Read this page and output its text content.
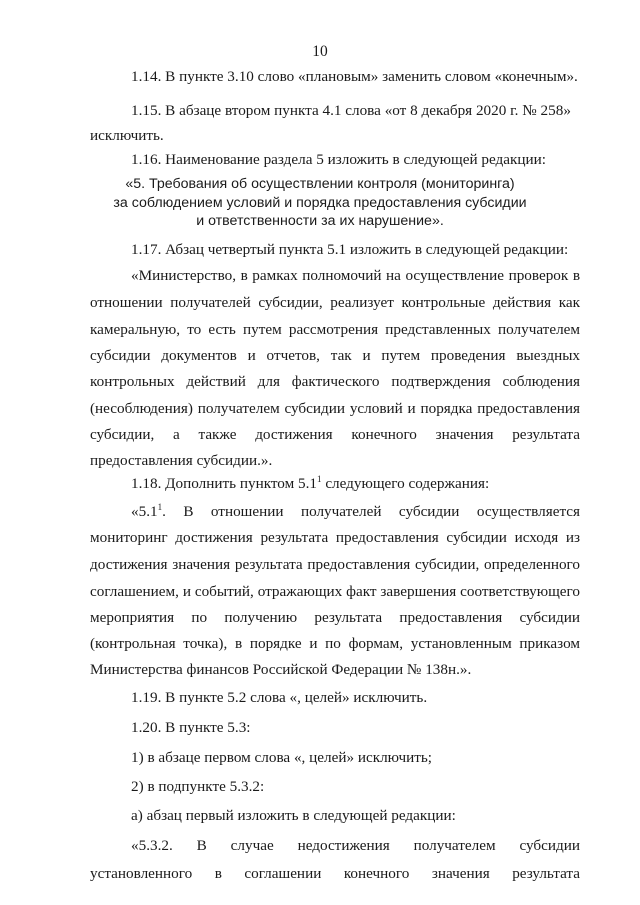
10
1.14. В пункте 3.10 слово «плановым» заменить словом «конечным».
1.15. В абзаце втором пункта 4.1 слова «от 8 декабря 2020 г. № 258»
исключить.
1.16. Наименование раздела 5 изложить в следующей редакции:
«5. Требования об осуществлении контроля (мониторинга)
за соблюдением условий и порядка предоставления субсидии
и ответственности за их нарушение».
1.17. Абзац четвертый пункта 5.1 изложить в следующей редакции:
«Министерство, в рамках полномочий на осуществление проверок в
отношении получателей субсидии, реализует контрольные действия как
камеральную, то есть путем рассмотрения представленных получателем
субсидии документов и отчетов, так и путем проведения выездных
контрольных действий для фактического подтверждения соблюдения
(несоблюдения) получателем субсидии условий и порядка предоставления
субсидии, а также достижения конечного значения результата
предоставления субсидии.».
1.18. Дополнить пунктом $5.1^1$ следующего содержания:
«$5.1^1$. В отношении получателей субсидии осуществляется
мониторинг достижения результата предоставления субсидии исходя из
достижения значения результата предоставления субсидии, определенного
соглашением, и событий, отражающих факт завершения соответствующего
мероприятия по получению результата предоставления субсидии
(контрольная точка), в порядке и по формам, установленным приказом
Министерства финансов Российской Федерации № 138н.».
1.19. В пункте 5.2 слова «, целей» исключить.
1.20. В пункте 5.3:
1) в абзаце первом слова «, целей» исключить;
2) в подпункте 5.3.2:
а) абзац первый изложить в следующей редакции:
«5.3.2. В случае недостижения получателем субсидии
установленного в соглашении конечного значения результата
